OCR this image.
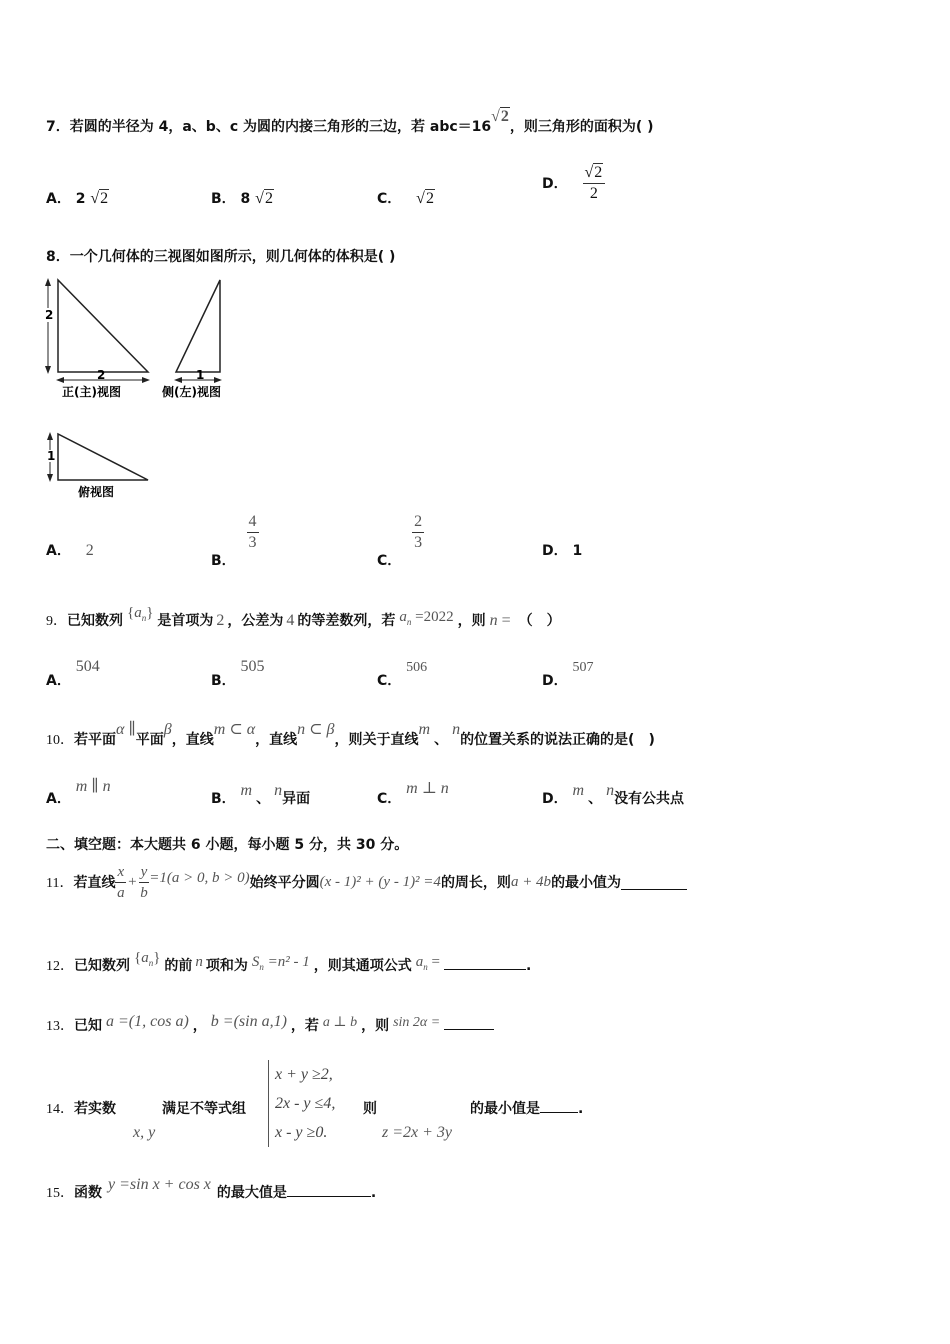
7．若圆的半径为 4，a、b、c 为圆的内接三角形的三边，若 abc＝16√2，则三角形的面积为( )
A． 2 √2	B． 8 √2	C． √2
D． $\frac{√2}{2}$
8．一个几何体的三视图如图所示，则几何体的体积是( )
2
2
正(主)视图
1
侧(左)视图
1
俯视图
A． 2
B．
$\frac{4}{3}$
C．
$\frac{2}{3}$	D． 1
9．已知数列 $\{a_n\}$ 是首项为 2 ，公差为 4 的等差数列，若 $a_n =2022$ ，则 n = （　）
A． 504
B． 505
C． 506
D． 507
10．若平面α ∥平面β，直线m ⊂ α，直线n ⊂ β，则关于直线m、n的位置关系的说法正确的是(　)
A． m ∥ n
B． m 、 n异面	C． m ⊥ n
D． m 、 n没有公共点
二、填空题：本大题共 6 小题，每小题 5 分，共 30 分。
11． 若直线 $\frac{x}{a} + \frac{y}{b} =1(a > 0$, b > 0) 始终平分圆 (x - 1)² + (y - 1)² =4 的周长，则 a + 4b 的最小值为
12．已知数列 $\{a_n\}$ 的前 n 项和为 $S_n =n^2 - 1$ ，则其通项公式 $a_n$ =	.
13．已知 a =(1, cos a) ， b =(sin a,1) ，若 a ⊥ b ，则 sin 2α =
14．若实数
x, y
满足不等式组
x + y ≥2,
2x - y ≤4,
x - y ≥0.
则
z =2x + 3y
的最小值是	.
15．函数 y =sin x + cos x 的最大值是	.
